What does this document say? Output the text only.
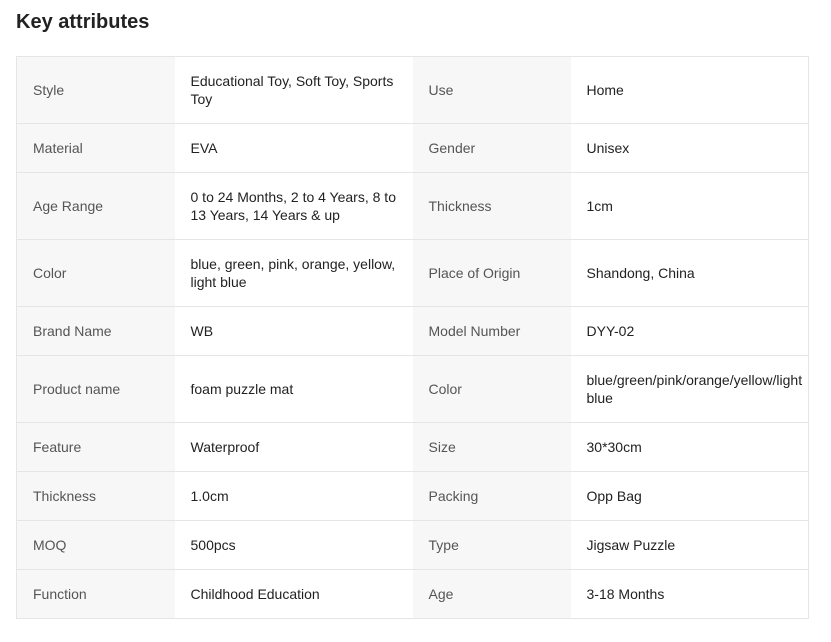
Key attributes
Style	Educational Toy, Soft Toy, Sports Toy	Use	Home
Material	EVA	Gender	Unisex
Age Range	0 to 24 Months, 2 to 4 Years, 8 to 13 Years, 14 Years & up	Thickness	1cm
Color	blue, green, pink, orange, yellow, light blue	Place of Origin	Shandong, China
Brand Name	WB	Model Number	DYY-02
Product name	foam puzzle mat	Color	blue/green/pink/orange/yellow/light blue
Feature	Waterproof	Size	30*30cm
Thickness	1.0cm	Packing	Opp Bag
MOQ	500pcs	Type	Jigsaw Puzzle
Function	Childhood Education	Age	3-18 Months
